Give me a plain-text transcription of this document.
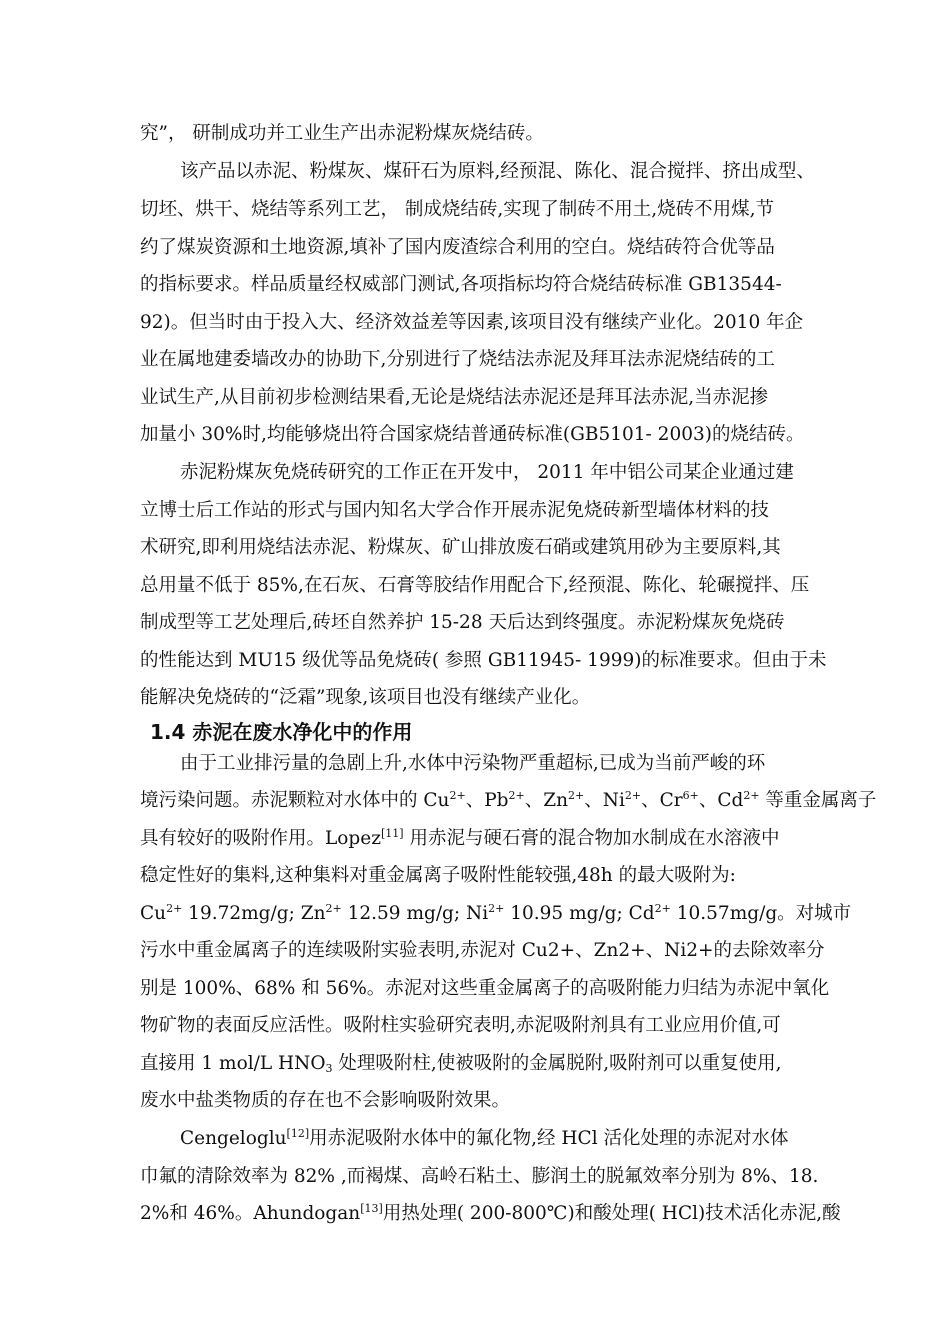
究”， 研制成功并工业生产出赤泥粉煤灰烧结砖。
该产品以赤泥、粉煤灰、煤矸石为原料,经预混、陈化、混合搅拌、挤出成型、
切坯、烘干、烧结等系列工艺， 制成烧结砖,实现了制砖不用土,烧砖不用煤,节
约了煤炭资源和土地资源,填补了国内废渣综合利用的空白。烧结砖符合优等品
的指标要求。样品质量经权威部门测试,各项指标均符合烧结砖标准 GB13544-
92)。但当时由于投入大、经济效益差等因素,该项目没有继续产业化。2010 年企
业在属地建委墙改办的协助下,分别进行了烧结法赤泥及拜耳法赤泥烧结砖的工
业试生产,从目前初步检测结果看,无论是烧结法赤泥还是拜耳法赤泥,当赤泥掺
加量小 30%时,均能够烧出符合国家烧结普通砖标准(GB5101- 2003)的烧结砖。
赤泥粉煤灰免烧砖研究的工作正在开发中， 2011 年中铝公司某企业通过建
立博士后工作站的形式与国内知名大学合作开展赤泥免烧砖新型墙体材料的技
术研究,即利用烧结法赤泥、粉煤灰、矿山排放废石硝或建筑用砂为主要原料,其
总用量不低于 85%,在石灰、石膏等胶结作用配合下,经预混、陈化、轮碾搅拌、压
制成型等工艺处理后,砖坯自然养护 15-28 天后达到终强度。赤泥粉煤灰免烧砖
的性能达到 MU15 级优等品免烧砖( 参照 GB11945- 1999)的标准要求。但由于未
能解决免烧砖的“泛霜”现象,该项目也没有继续产业化。
1.4 赤泥在废水净化中的作用
由于工业排污量的急剧上升,水体中污染物严重超标,已成为当前严峻的环
境污染问题。赤泥颗粒对水体中的 $Cu^{2+}$、$Pb^{2+}$、$Zn^{2+}$、$Ni^{2+}$、$Cr^{6+}$、$Cd^{2+}$ 等重金属离子
具有较好的吸附作用。Lopez[11] 用赤泥与硬石膏的混合物加水制成在水溶液中
稳定性好的集料,这种集料对重金属离子吸附性能较强,48h 的最大吸附为:
$Cu^{2+}$ 19.72mg/g; $Zn^{2+}$ 12.59 mg/g; $Ni^{2+}$ 10.95 mg/g; $Cd^{2+}$ 10.57mg/g。对城市
污水中重金属离子的连续吸附实验表明,赤泥对 Cu2+、Zn2+、Ni2+的去除效率分
别是 100%、68% 和 56%。赤泥对这些重金属离子的高吸附能力归结为赤泥中氧化
物矿物的表面反应活性。吸附柱实验研究表明,赤泥吸附剂具有工业应用价值,可
直接用 1 mol/L $HNO_3$ 处理吸附柱,使被吸附的金属脱附,吸附剂可以重复使用,
废水中盐类物质的存在也不会影响吸附效果。
Cengeloglu[12]用赤泥吸附水体中的氟化物,经 HCl 活化处理的赤泥对水体
巾氟的清除效率为 82% ,而褐煤、高岭石粘土、膨润土的脱氟效率分别为 8%、18.
2%和 46%。Ahundogan[13]用热处理( 200-800℃)和酸处理( HCl)技术活化赤泥,酸
